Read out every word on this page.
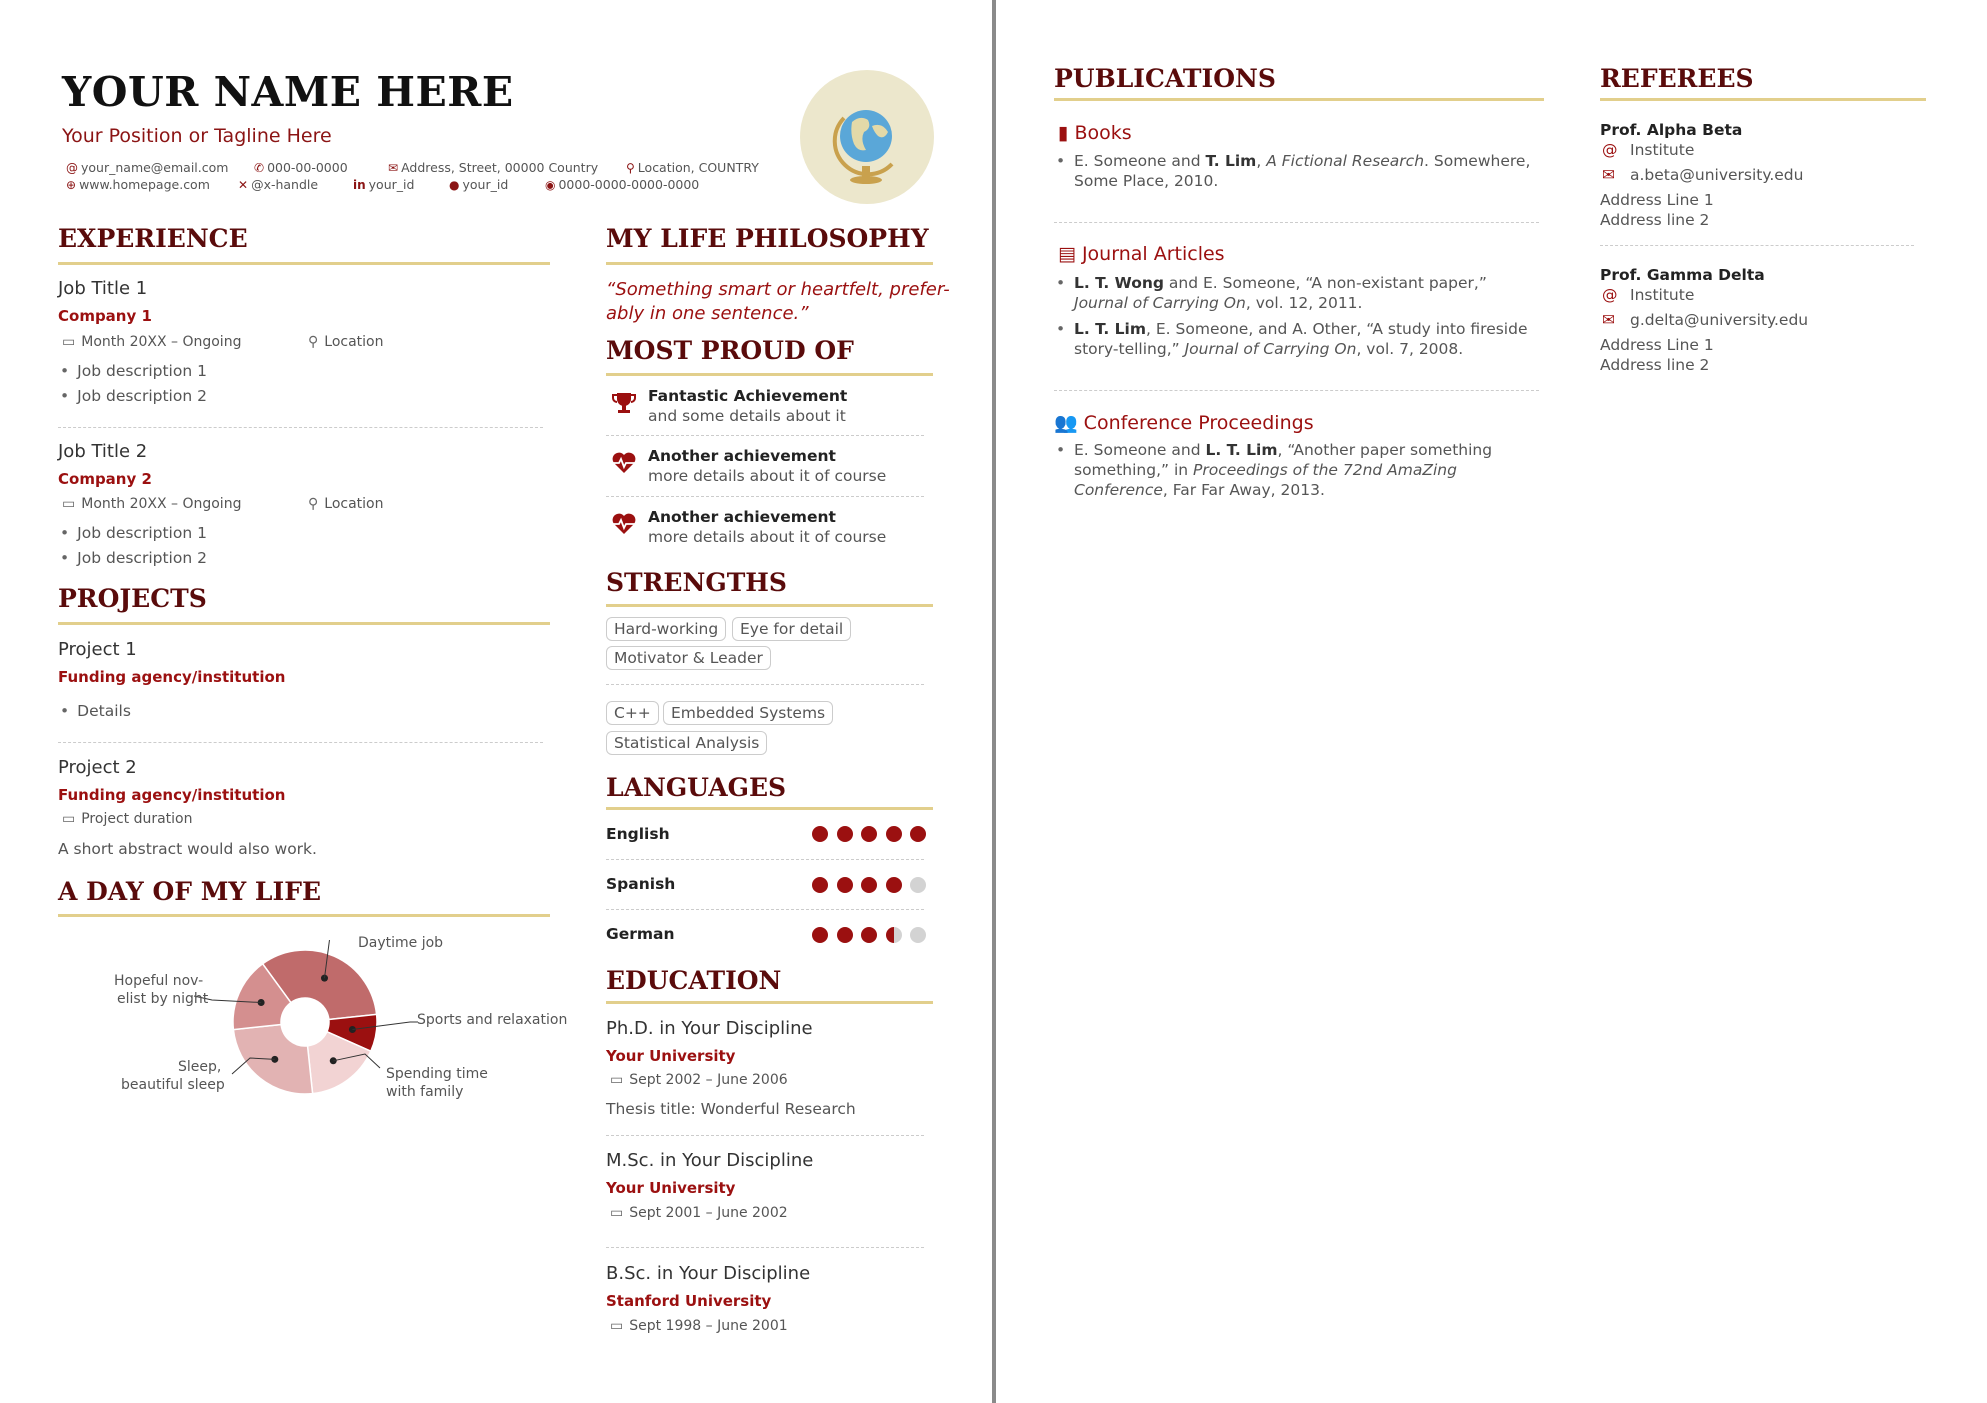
YOUR NAME HERE
Your Position or Tagline Here
@ your_name@email.com ✆ 000-00-0000	✉ Address, Street, 00000 Country ⚲ Location, COUNTRY
⊕ www.homepage.com ✕ @x-handle	in your_id	● your_id	◉ 0000-0000-0000-0000
EXPERIENCE
Job Title 1
Company 1
▭ Month 20XX – Ongoing	⚲ Location
• Job description 1
• Job description 2
Job Title 2
Company 2
▭ Month 20XX – Ongoing	⚲ Location
• Job description 1
• Job description 2
PROJECTS
Project 1
Funding agency/institution
• Details
Project 2
Funding agency/institution
▭ Project duration
A short abstract would also work.
A DAY OF MY LIFE
Daytime job
Sports and relaxation
Spending time
with family
Sleep,
beautiful sleep
Hopeful nov-
elist by night
MY LIFE PHILOSOPHY
“Something smart or heartfelt, prefer-
ably in one sentence.”
MOST PROUD OF
Fantastic Achievement
and some details about it
Another achievement
more details about it of course
Another achievement
more details about it of course
STRENGTHS
Hard-working	Eye for detail
Motivator & Leader
C++	Embedded Systems
Statistical Analysis
LANGUAGES
English
Spanish
German
EDUCATION
Ph.D. in Your Discipline
Your University
▭ Sept 2002 – June 2006
Thesis title: Wonderful Research
M.Sc. in Your Discipline
Your University
▭ Sept 2001 – June 2002
B.Sc. in Your Discipline
Stanford University
▭ Sept 1998 – June 2001
PUBLICATIONS
▮ Books
• E. Someone and T. Lim, A Fictional Research. Somewhere, Some Place, 2010.
▤ Journal Articles
• L. T. Wong and E. Someone, “A non-existant paper,” Journal of Carrying On, vol. 12, 2011.
• L. T. Lim, E. Someone, and A. Other, “A study into fireside story-telling,” Journal of Carrying On, vol. 7, 2008.
👥 Conference Proceedings
• E. Someone and L. T. Lim, “Another paper something something,” in Proceedings of the 72nd AmaZing Conference, Far Far Away, 2013.
REFEREES
Prof. Alpha Beta
@ Institute
✉ a.beta@university.edu
Address Line 1
Address line 2
Prof. Gamma Delta
@ Institute
✉ g.delta@university.edu
Address Line 1
Address line 2
